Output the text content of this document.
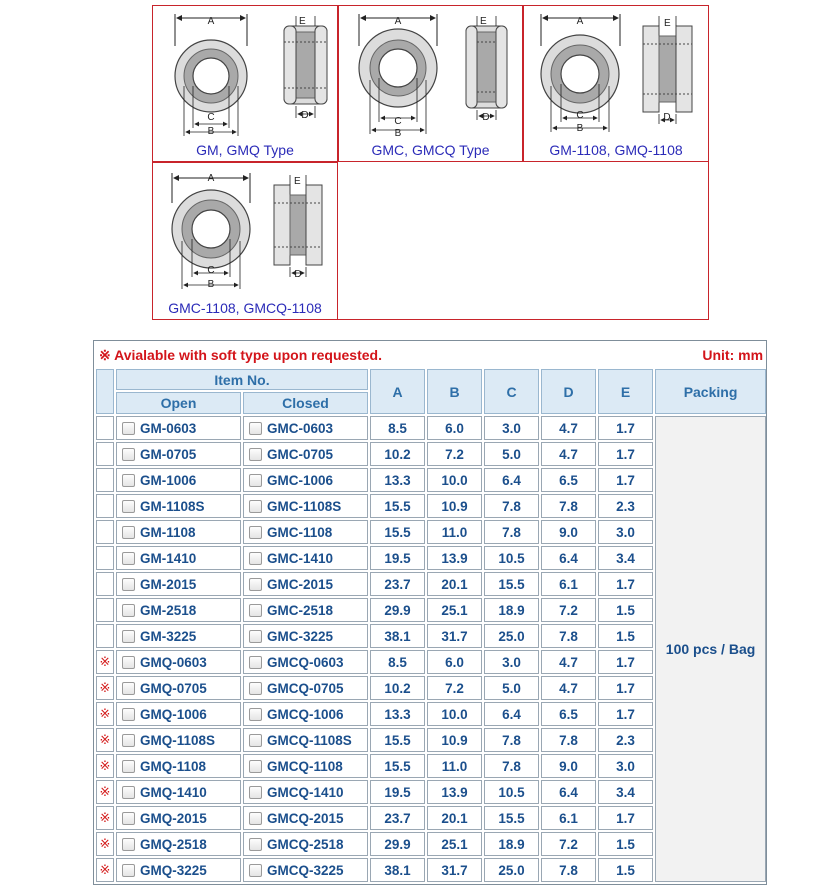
A
C
B
E
D
GM, GMQ Type
A
C
B
E
D
GMC, GMCQ Type
A
C
B
E
D
GM-1108, GMQ-1108
A
C
B
E
D
GMC-1108, GMCQ-1108
※ Avialable with soft type upon requested.						Unit: mm		
	Item No.		A	B	C	D	E	Packing
	Open	Closed						
	GM-0603	GMC-0603	8.5	6.0	3.0	4.7	1.7	100 pcs / Bag
	GM-0705	GMC-0705	10.2	7.2	5.0	4.7	1.7	
	GM-1006	GMC-1006	13.3	10.0	6.4	6.5	1.7	
	GM-1108S	GMC-1108S	15.5	10.9	7.8	7.8	2.3	
	GM-1108	GMC-1108	15.5	11.0	7.8	9.0	3.0	
	GM-1410	GMC-1410	19.5	13.9	10.5	6.4	3.4	
	GM-2015	GMC-2015	23.7	20.1	15.5	6.1	1.7	
	GM-2518	GMC-2518	29.9	25.1	18.9	7.2	1.5	
	GM-3225	GMC-3225	38.1	31.7	25.0	7.8	1.5	
※	GMQ-0603	GMCQ-0603	8.5	6.0	3.0	4.7	1.7	
※	GMQ-0705	GMCQ-0705	10.2	7.2	5.0	4.7	1.7	
※	GMQ-1006	GMCQ-1006	13.3	10.0	6.4	6.5	1.7	
※	GMQ-1108S	GMCQ-1108S	15.5	10.9	7.8	7.8	2.3	
※	GMQ-1108	GMCQ-1108	15.5	11.0	7.8	9.0	3.0	
※	GMQ-1410	GMCQ-1410	19.5	13.9	10.5	6.4	3.4	
※	GMQ-2015	GMCQ-2015	23.7	20.1	15.5	6.1	1.7	
※	GMQ-2518	GMCQ-2518	29.9	25.1	18.9	7.2	1.5	
※	GMQ-3225	GMCQ-3225	38.1	31.7	25.0	7.8	1.5	
